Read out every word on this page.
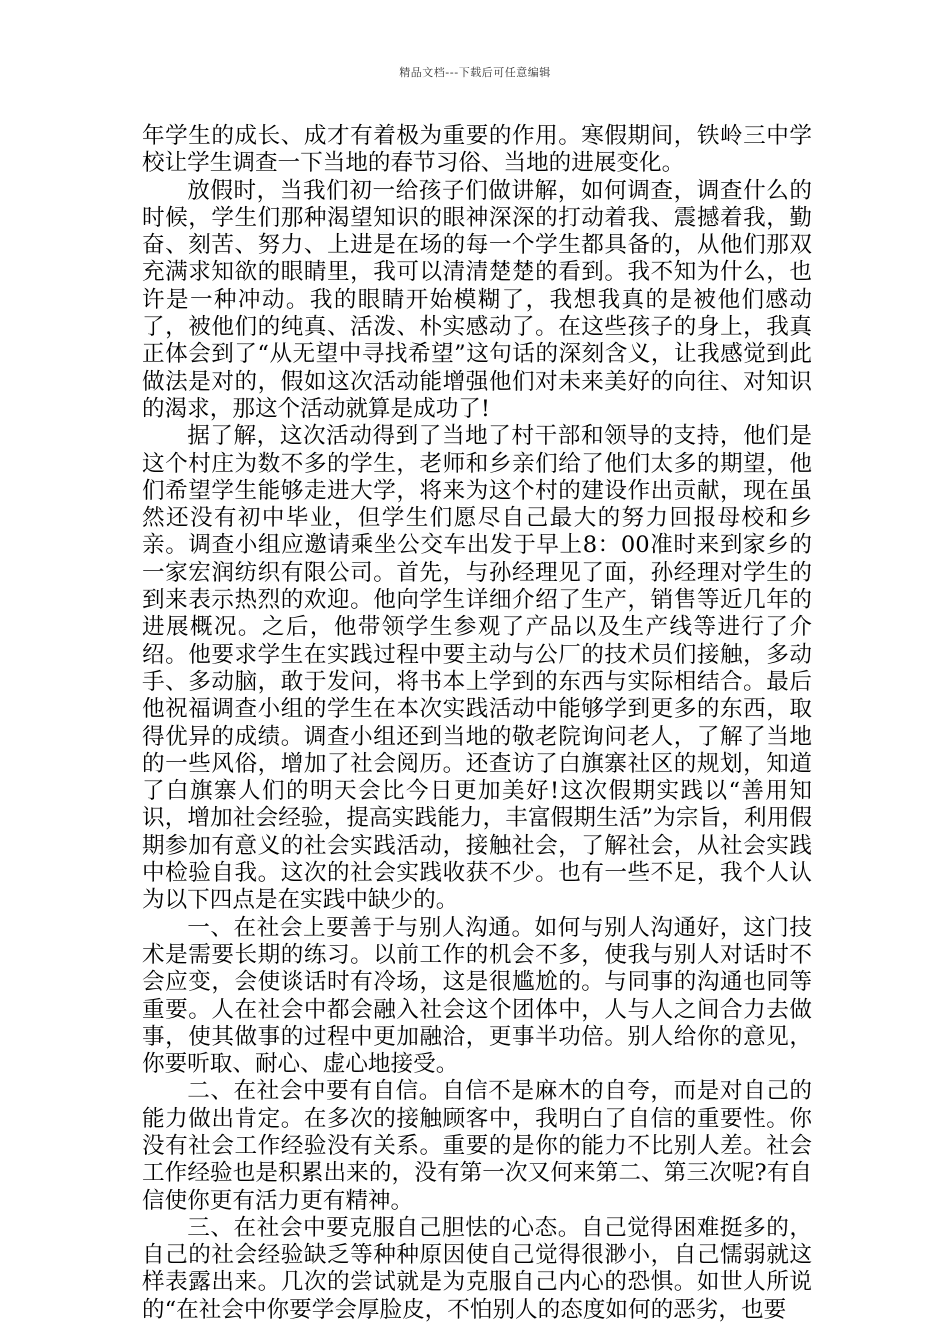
精品文档---下载后可任意编辑

年学生的成长、成才有着极为重要的作用。寒假期间，铁岭三中学校让学生调查一下当地的春节习俗、当地的进展变化。

放假时，当我们初一给孩子们做讲解，如何调查，调查什么的时候，学生们那种渴望知识的眼神深深的打动着我、震撼着我，勤奋、刻苦、努力、上进是在场的每一个学生都具备的，从他们那双充满求知欲的眼睛里，我可以清清楚楚的看到。我不知为什么，也许是一种冲动。我的眼睛开始模糊了，我想我真的是被他们感动了，被他们的纯真、活泼、朴实感动了。在这些孩子的身上，我真正体会到了“从无望中寻找希望”这句话的深刻含义，让我感觉到此做法是对的，假如这次活动能增强他们对未来美好的向往、对知识的渴求，那这个活动就算是成功了!

据了解，这次活动得到了当地了村干部和领导的支持，他们是这个村庄为数不多的学生，老师和乡亲们给了他们太多的期望，他们希望学生能够走进大学，将来为这个村的建设作出贡献，现在虽然还没有初中毕业，但学生们愿尽自己最大的努力回报母校和乡亲。调查小组应邀请乘坐公交车出发于早上8：00准时来到家乡的一家宏润纺织有限公司。首先，与孙经理见了面，孙经理对学生的到来表示热烈的欢迎。他向学生详细介绍了生产，销售等近几年的进展概况。之后，他带领学生参观了产品以及生产线等进行了介绍。他要求学生在实践过程中要主动与公厂的技术员们接触，多动手、多动脑，敢于发问，将书本上学到的东西与实际相结合。最后他祝福调查小组的学生在本次实践活动中能够学到更多的东西，取得优异的成绩。调查小组还到当地的敬老院询问老人，了解了当地的一些风俗，增加了社会阅历。还查访了白旗寨社区的规划，知道了白旗寨人们的明天会比今日更加美好!这次假期实践以“善用知识，增加社会经验，提高实践能力，丰富假期生活”为宗旨，利用假期参加有意义的社会实践活动，接触社会，了解社会，从社会实践中检验自我。这次的社会实践收获不少。也有一些不足，我个人认为以下四点是在实践中缺少的。

一、在社会上要善于与别人沟通。如何与别人沟通好，这门技术是需要长期的练习。以前工作的机会不多，使我与别人对话时不会应变，会使谈话时有冷场，这是很尴尬的。与同事的沟通也同等重要。人在社会中都会融入社会这个团体中，人与人之间合力去做事，使其做事的过程中更加融洽，更事半功倍。别人给你的意见，你要听取、耐心、虚心地接受。

二、在社会中要有自信。自信不是麻木的自夸，而是对自己的能力做出肯定。在多次的接触顾客中，我明白了自信的重要性。你没有社会工作经验没有关系。重要的是你的能力不比别人差。社会工作经验也是积累出来的，没有第一次又何来第二、第三次呢?有自信使你更有活力更有精神。

三、在社会中要克服自己胆怯的心态。自己觉得困难挺多的，自己的社会经验缺乏等种种原因使自己觉得很渺小，自己懦弱就这样表露出来。几次的尝试就是为克服自己内心的恐惧。如世人所说的“在社会中你要学会厚脸皮，不怕别人的态度如何的恶劣，也要
